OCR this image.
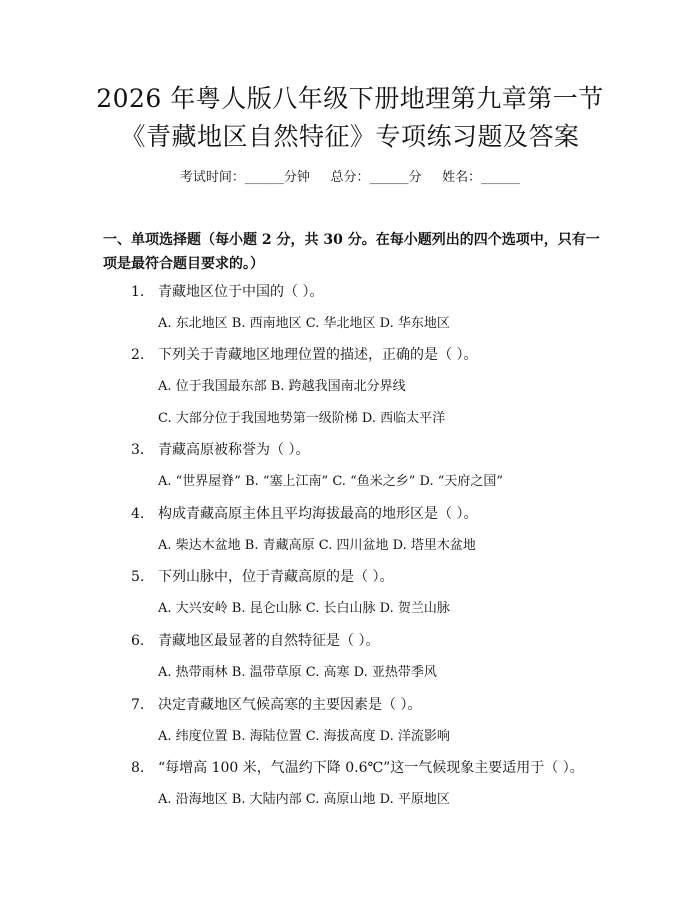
2026 年粤人版八年级下册地理第九章第一节
《青藏地区自然特征》专项练习题及答案
考试时间：______分钟     总分：______分     姓名：______
一、单项选择题（每小题 2 分，共 30 分。在每小题列出的四个选项中，只有一项是最符合题目要求的。）
1. 青藏地区位于中国的（ ）。
A. 东北地区 B. 西南地区 C. 华北地区 D. 华东地区
2. 下列关于青藏地区地理位置的描述，正确的是（ ）。
A. 位于我国最东部 B. 跨越我国南北分界线
C. 大部分位于我国地势第一级阶梯 D. 西临太平洋
3. 青藏高原被称誉为（ ）。
A. “世界屋脊” B. “塞上江南” C. “鱼米之乡” D. “天府之国”
4. 构成青藏高原主体且平均海拔最高的地形区是（ ）。
A. 柴达木盆地 B. 青藏高原 C. 四川盆地 D. 塔里木盆地
5. 下列山脉中，位于青藏高原的是（ ）。
A. 大兴安岭 B. 昆仑山脉 C. 长白山脉 D. 贺兰山脉
6. 青藏地区最显著的自然特征是（ ）。
A. 热带雨林 B. 温带草原 C. 高寒 D. 亚热带季风
7. 决定青藏地区气候高寒的主要因素是（ ）。
A. 纬度位置 B. 海陆位置 C. 海拔高度 D. 洋流影响
8. “每增高 100 米，气温约下降 0.6℃”这一气候现象主要适用于（ ）。
A. 沿海地区 B. 大陆内部 C. 高原山地 D. 平原地区
